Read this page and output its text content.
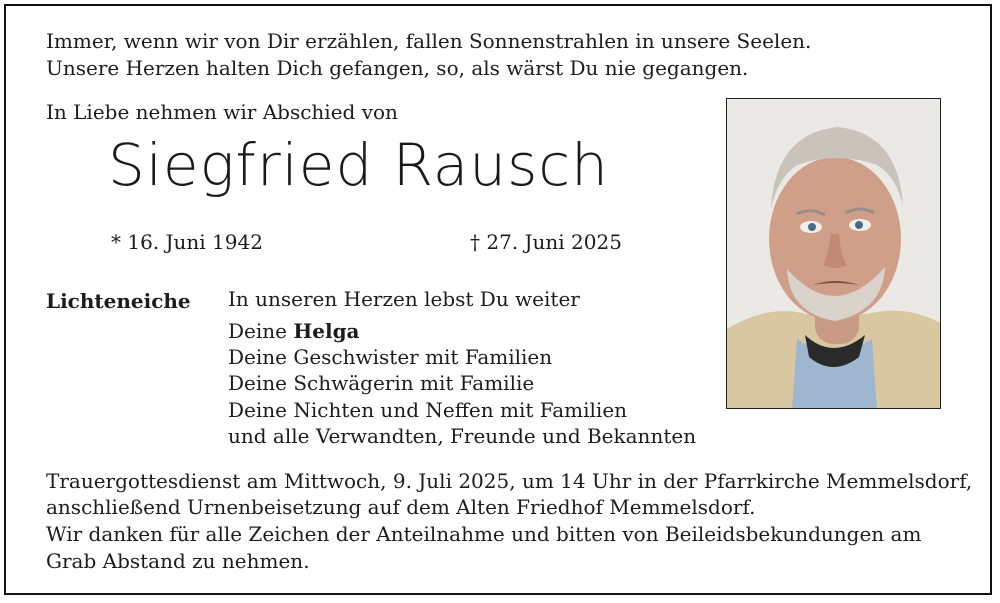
Immer, wenn wir von Dir erzählen, fallen Sonnenstrahlen in unsere Seelen.
Unsere Herzen halten Dich gefangen, so, als wärst Du nie gegangen.
In Liebe nehmen wir Abschied von
Siegfried Rausch
* 16. Juni 1942	† 27. Juni 2025
Lichteneiche In unseren Herzen lebst Du weiter
Deine Helga
Deine Geschwister mit Familien
Deine Schwägerin mit Familie
Deine Nichten und Neffen mit Familien
und alle Verwandten, Freunde und Bekannten
Trauergottesdienst am Mittwoch, 9. Juli 2025, um 14 Uhr in der Pfarrkirche Memmelsdorf,
anschließend Urnenbeisetzung auf dem Alten Friedhof Memmelsdorf.
Wir danken für alle Zeichen der Anteilnahme und bitten von Beileidsbekundungen am
Grab Abstand zu nehmen.
